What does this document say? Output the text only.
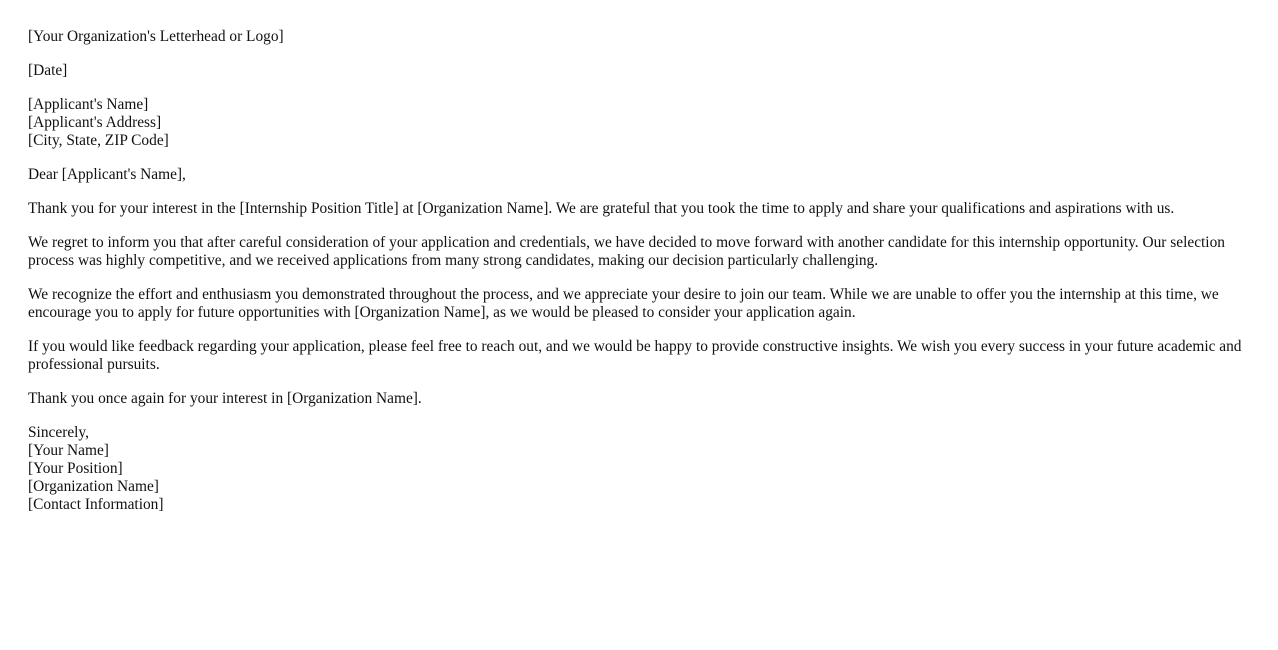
[Your Organization's Letterhead or Logo]
[Date]
[Applicant's Name]
[Applicant's Address]
[City, State, ZIP Code]
Dear [Applicant's Name],
Thank you for your interest in the [Internship Position Title] at [Organization Name]. We are grateful that you took the time to apply and share your qualifications and aspirations with us.
We regret to inform you that after careful consideration of your application and credentials, we have decided to move forward with another candidate for this internship opportunity. Our selection process was highly competitive, and we received applications from many strong candidates, making our decision particularly challenging.
We recognize the effort and enthusiasm you demonstrated throughout the process, and we appreciate your desire to join our team. While we are unable to offer you the internship at this time, we encourage you to apply for future opportunities with [Organization Name], as we would be pleased to consider your application again.
If you would like feedback regarding your application, please feel free to reach out, and we would be happy to provide constructive insights. We wish you every success in your future academic and professional pursuits.
Thank you once again for your interest in [Organization Name].
Sincerely,
[Your Name]
[Your Position]
[Organization Name]
[Contact Information]
